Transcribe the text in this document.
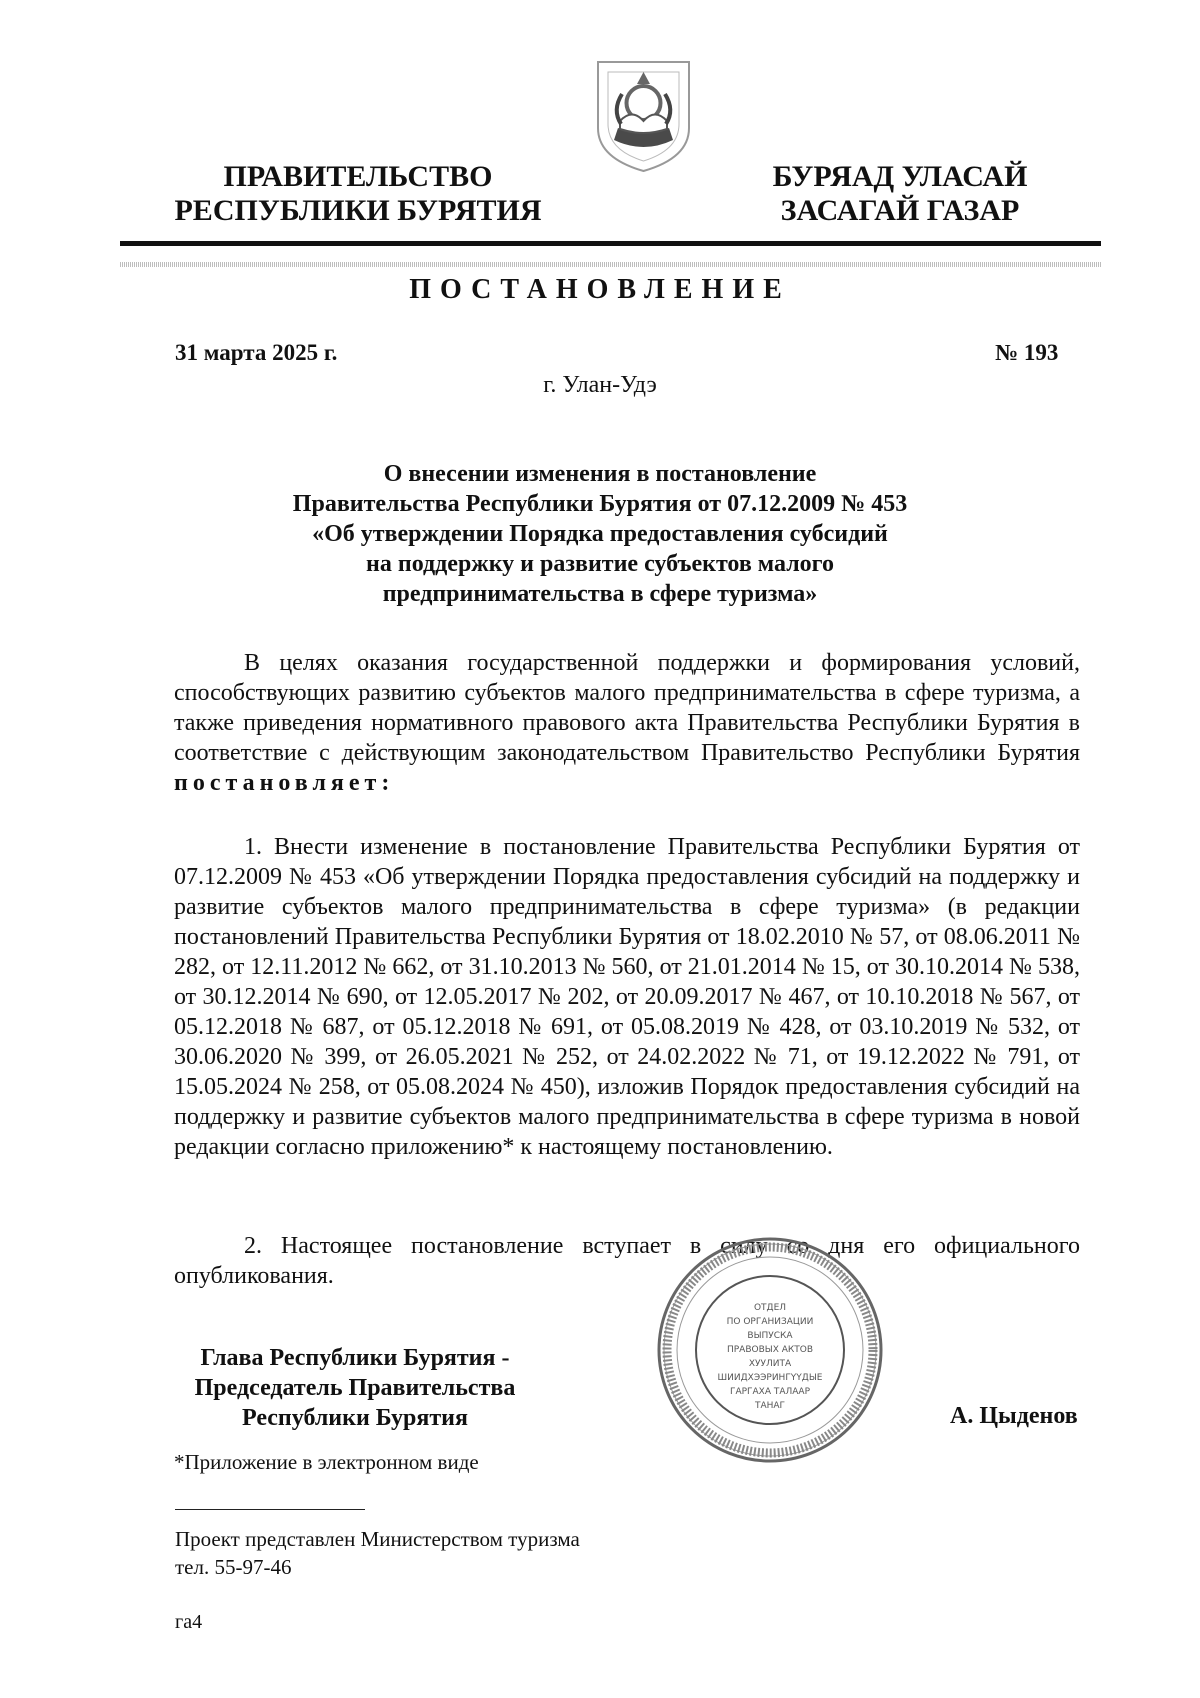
ПРАВИТЕЛЬСТВО
РЕСПУБЛИКИ БУРЯТИЯ
БУРЯАД УЛАСАЙ
ЗАСАГАЙ ГАЗАР
ПОСТАНОВЛЕНИЕ
31 марта 2025 г.	№ 193
г. Улан-Удэ
О внесении изменения в постановление
Правительства Республики Бурятия от 07.12.2009 № 453
«Об утверждении Порядка предоставления субсидий
на поддержку и развитие субъектов малого
предпринимательства в сфере туризма»
В целях оказания государственной поддержки и формирования условий, способствующих развитию субъектов малого предпринимательства в сфере туризма, а также приведения нормативного правового акта Правительства Республики Бурятия в соответствие с действующим законодательством Правительство Республики Бурятия постановляет:
1. Внести изменение в постановление Правительства Республики Бурятия от 07.12.2009 № 453 «Об утверждении Порядка предоставления субсидий на поддержку и развитие субъектов малого предпринимательства в сфере туризма» (в редакции постановлений Правительства Республики Бурятия от 18.02.2010 № 57, от 08.06.2011 № 282, от 12.11.2012 № 662, от 31.10.2013 № 560, от 21.01.2014 № 15, от 30.10.2014 № 538, от 30.12.2014 № 690, от 12.05.2017 № 202, от 20.09.2017 № 467, от 10.10.2018 № 567, от 05.12.2018 № 687, от 05.12.2018 № 691, от 05.08.2019 № 428, от 03.10.2019 № 532, от 30.06.2020 № 399, от 26.05.2021 № 252, от 24.02.2022 № 71, от 19.12.2022 № 791, от 15.05.2024 № 258, от 05.08.2024 № 450), изложив Порядок предоставления субсидий на поддержку и развитие субъектов малого предпринимательства в сфере туризма в новой редакции согласно приложению* к настоящему постановлению.
2. Настоящее постановление вступает в силу со дня его официального опубликования.
Глава Республики Бурятия -
Председатель Правительства
Республики Бурятия
ОТДЕЛ
ПО ОРГАНИЗАЦИИ
ВЫПУСКА
ПРАВОВЫХ АКТОВ
ХУУЛИТА
ШИИДХЭЭРИНГҮҮДЫЕ
ГАРГАХА ТАЛААР
ТАНАГ	А. Цыденов
*Приложение в электронном виде
Проект представлен Министерством туризма
тел. 55-97-46
га4
